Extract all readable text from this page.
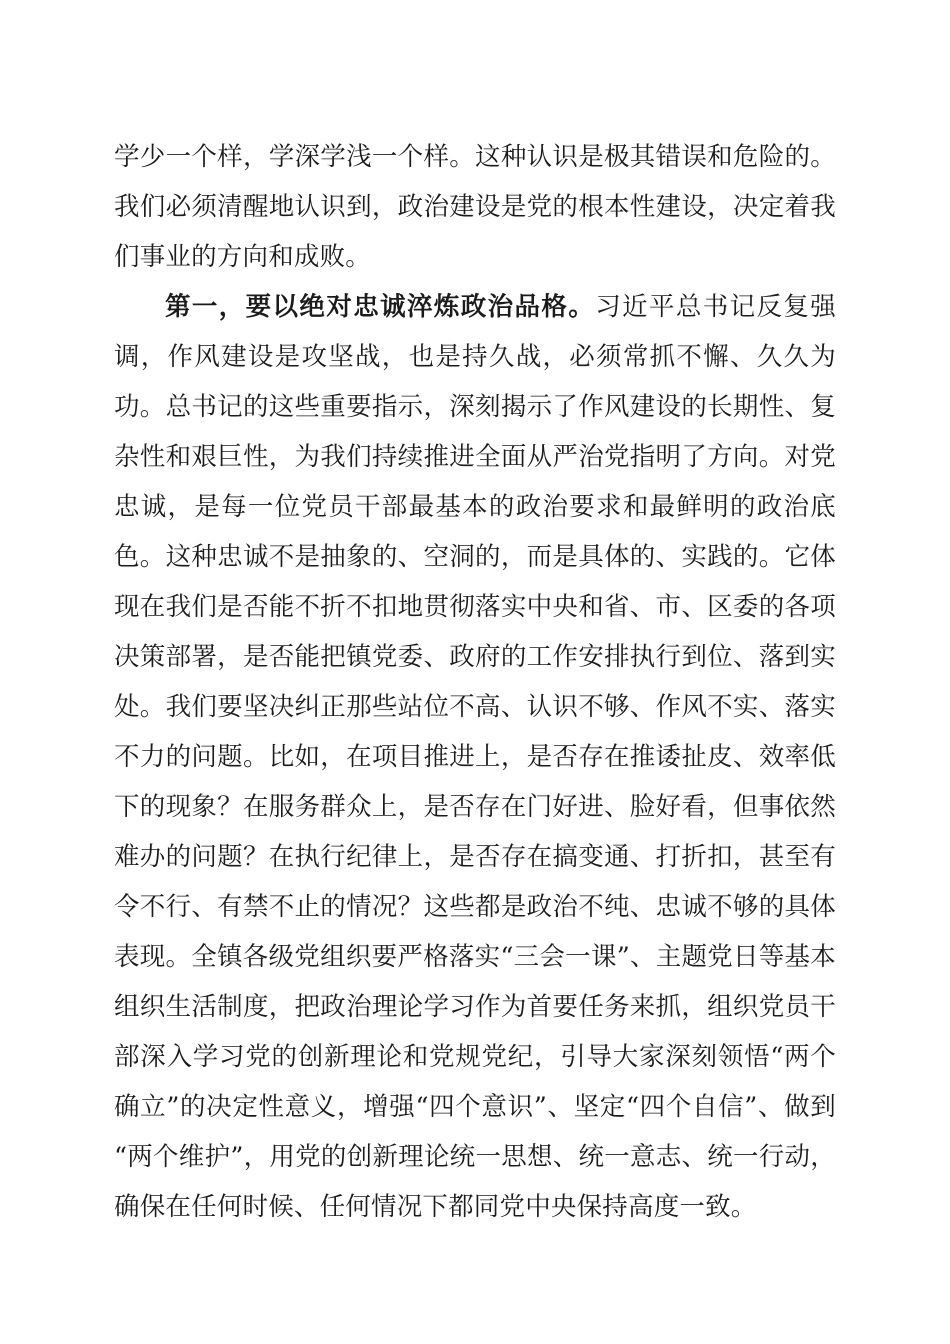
学少一个样，学深学浅一个样。这种认识是极其错误和危险的。我们必须清醒地认识到，政治建设是党的根本性建设，决定着我们事业的方向和成败。

第一，要以绝对忠诚淬炼政治品格。习近平总书记反复强调，作风建设是攻坚战，也是持久战，必须常抓不懈、久久为功。总书记的这些重要指示，深刻揭示了作风建设的长期性、复杂性和艰巨性，为我们持续推进全面从严治党指明了方向。对党忠诚，是每一位党员干部最基本的政治要求和最鲜明的政治底色。这种忠诚不是抽象的、空洞的，而是具体的、实践的。它体现在我们是否能不折不扣地贯彻落实中央和省、市、区委的各项决策部署，是否能把镇党委、政府的工作安排执行到位、落到实处。我们要坚决纠正那些站位不高、认识不够、作风不实、落实不力的问题。比如，在项目推进上，是否存在推诿扯皮、效率低下的现象？在服务群众上，是否存在门好进、脸好看，但事依然难办的问题？在执行纪律上，是否存在搞变通、打折扣，甚至有令不行、有禁不止的情况？这些都是政治不纯、忠诚不够的具体表现。全镇各级党组织要严格落实“三会一课”、主题党日等基本组织生活制度，把政治理论学习作为首要任务来抓，组织党员干部深入学习党的创新理论和党规党纪，引导大家深刻领悟“两个确立”的决定性意义，增强“四个意识”、坚定“四个自信”、做到“两个维护”，用党的创新理论统一思想、统一意志、统一行动，确保在任何时候、任何情况下都同党中央保持高度一致。
